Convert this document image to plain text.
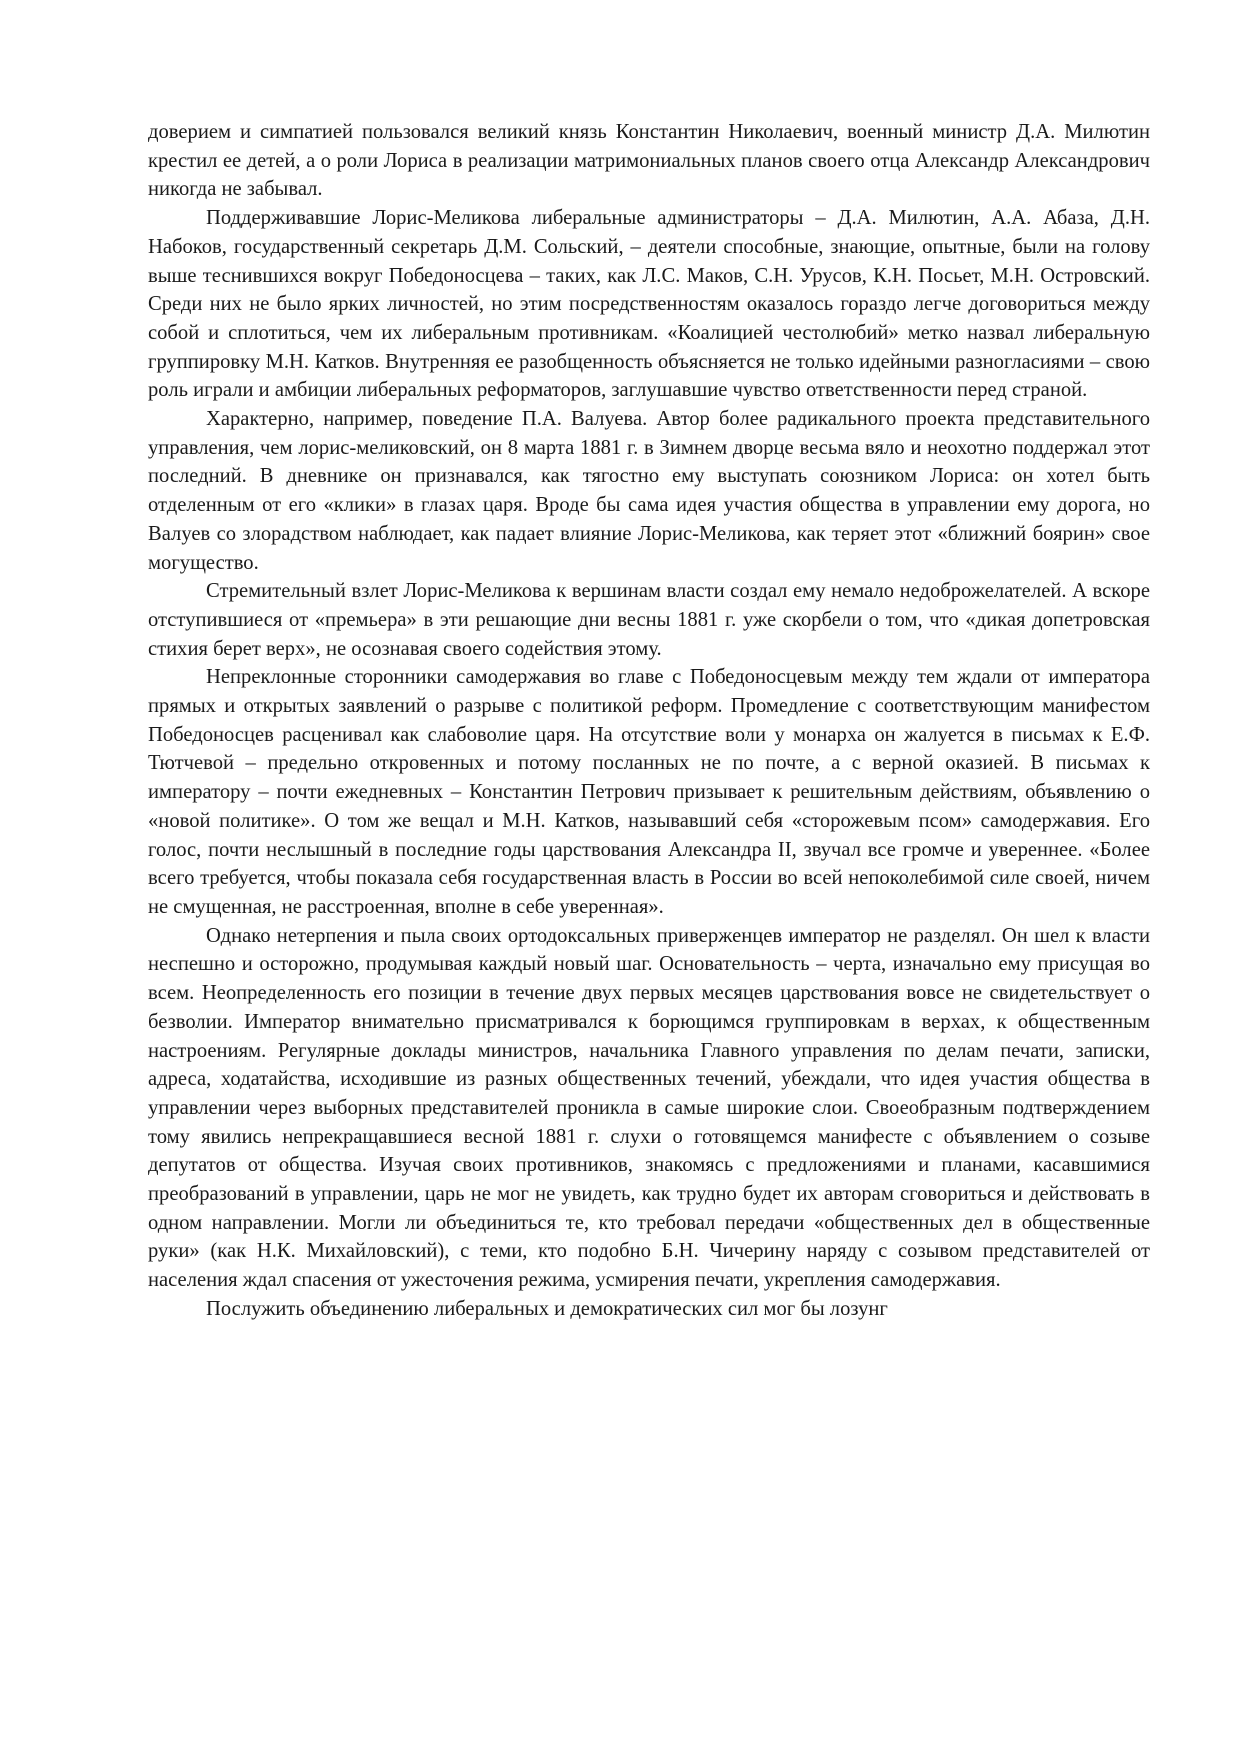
доверием и симпатией пользовался великий князь Константин Николаевич, военный министр Д.А. Милютин крестил ее детей, а о роли Лориса в реализации матримониальных планов своего отца Александр Александрович никогда не забывал.

Поддерживавшие Лорис-Меликова либеральные администраторы – Д.А. Милютин, А.А. Абаза, Д.Н. Набоков, государственный секретарь Д.М. Сольский, – деятели способные, знающие, опытные, были на голову выше теснившихся вокруг Победоносцева – таких, как Л.С. Маков, С.Н. Урусов, К.Н. Посьет, М.Н. Островский. Среди них не было ярких личностей, но этим посредственностям оказалось гораздо легче договориться между собой и сплотиться, чем их либеральным противникам. «Коалицией честолюбий» метко назвал либеральную группировку М.Н. Катков. Внутренняя ее разобщенность объясняется не только идейными разногласиями – свою роль играли и амбиции либеральных реформаторов, заглушавшие чувство ответственности перед страной.

Характерно, например, поведение П.А. Валуева. Автор более радикального проекта представительного управления, чем лорис-меликовский, он 8 марта 1881 г. в Зимнем дворце весьма вяло и неохотно поддержал этот последний. В дневнике он признавался, как тягостно ему выступать союзником Лориса: он хотел быть отделенным от его «клики» в глазах царя. Вроде бы сама идея участия общества в управлении ему дорога, но Валуев со злорадством наблюдает, как падает влияние Лорис-Меликова, как теряет этот «ближний боярин» свое могущество.

Стремительный взлет Лорис-Меликова к вершинам власти создал ему немало недоброжелателей. А вскоре отступившиеся от «премьера» в эти решающие дни весны 1881 г. уже скорбели о том, что «дикая допетровская стихия берет верх», не осознавая своего содействия этому.

Непреклонные сторонники самодержавия во главе с Победоносцевым между тем ждали от императора прямых и открытых заявлений о разрыве с политикой реформ. Промедление с соответствующим манифестом Победоносцев расценивал как слабоволие царя. На отсутствие воли у монарха он жалуется в письмах к Е.Ф. Тютчевой – предельно откровенных и потому посланных не по почте, а с верной оказией. В письмах к императору – почти ежедневных – Константин Петрович призывает к решительным действиям, объявлению о «новой политике». О том же вещал и М.Н. Катков, называвший себя «сторожевым псом» самодержавия. Его голос, почти неслышный в последние годы царствования Александра II, звучал все громче и увереннее. «Более всего требуется, чтобы показала себя государственная власть в России во всей непоколебимой силе своей, ничем не смущенная, не расстроенная, вполне в себе уверенная».

Однако нетерпения и пыла своих ортодоксальных приверженцев император не разделял. Он шел к власти неспешно и осторожно, продумывая каждый новый шаг. Основательность – черта, изначально ему присущая во всем. Неопределенность его позиции в течение двух первых месяцев царствования вовсе не свидетельствует о безволии. Император внимательно присматривался к борющимся группировкам в верхах, к общественным настроениям. Регулярные доклады министров, начальника Главного управления по делам печати, записки, адреса, ходатайства, исходившие из разных общественных течений, убеждали, что идея участия общества в управлении через выборных представителей проникла в самые широкие слои. Своеобразным подтверждением тому явились непрекращавшиеся весной 1881 г. слухи о готовящемся манифесте с объявлением о созыве депутатов от общества. Изучая своих противников, знакомясь с предложениями и планами, касавшимися преобразований в управлении, царь не мог не увидеть, как трудно будет их авторам сговориться и действовать в одном направлении. Могли ли объединиться те, кто требовал передачи «общественных дел в общественные руки» (как Н.К. Михайловский), с теми, кто подобно Б.Н. Чичерину наряду с созывом представителей от населения ждал спасения от ужесточения режима, усмирения печати, укрепления самодержавия.

Послужить объединению либеральных и демократических сил мог бы лозунг
